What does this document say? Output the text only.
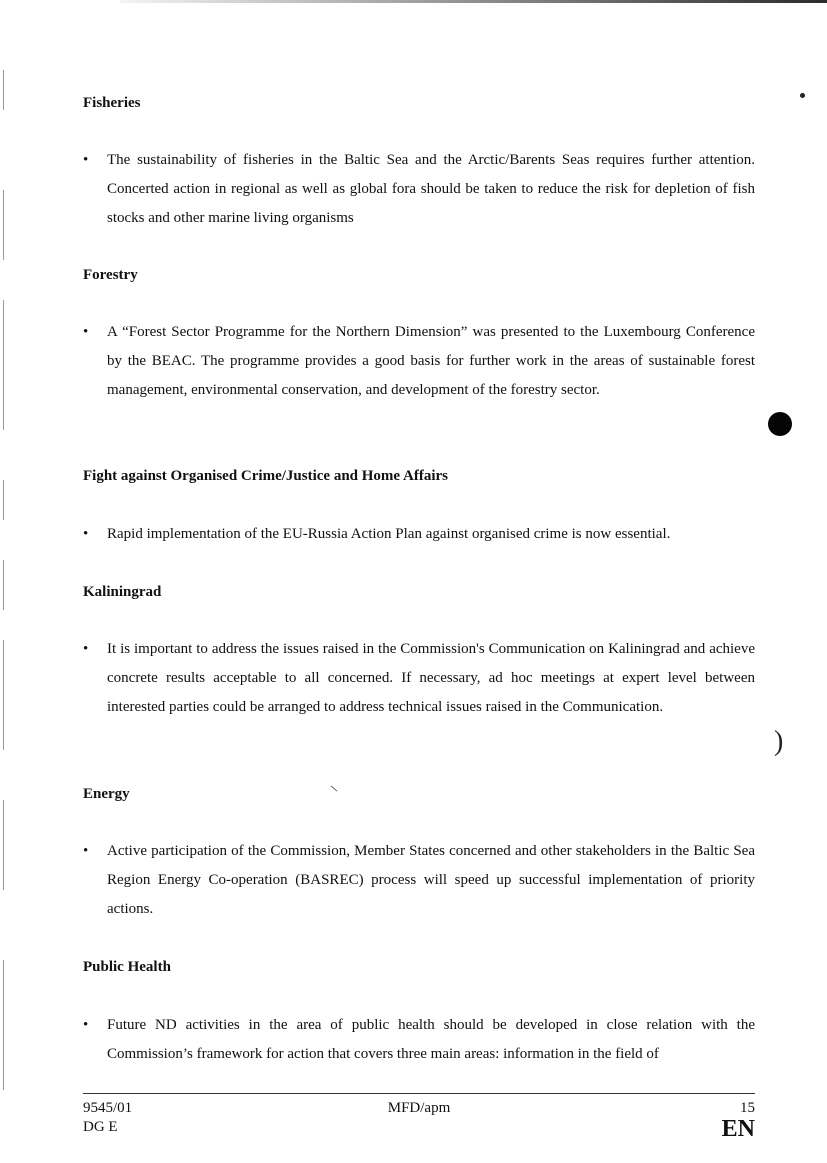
)
Fisheries
•	The sustainability of fisheries in the Baltic Sea and the Arctic/Barents Seas requires further attention. Concerted action in regional as well as global fora should be taken to reduce the risk for depletion of fish stocks and other marine living organisms
Forestry
•	A “Forest Sector Programme for the Northern Dimension” was presented to the Luxembourg Conference by the BEAC. The programme provides a good basis for further work in the areas of sustainable forest management, environmental conservation, and development of the forestry sector.
Fight against Organised Crime/Justice and Home Affairs
•	Rapid implementation of the EU-Russia Action Plan against organised crime is now essential.
Kaliningrad
•	It is important to address the issues raised in the Commission's Communication on Kaliningrad and achieve concrete results acceptable to all concerned. If necessary, ad hoc meetings at expert level between interested parties could be arranged to address technical issues raised in the Communication.
Energy
•	Active participation of the Commission, Member States concerned and other stakeholders in the Baltic Sea Region Energy Co-operation (BASREC) process will speed up successful implementation of priority actions.
Public Health
•	Future ND activities in the area of public health should be developed in close relation with the Commission’s framework for action that covers three main areas: information in the field of
9545/01
DG E
MFD/apm	15
EN
